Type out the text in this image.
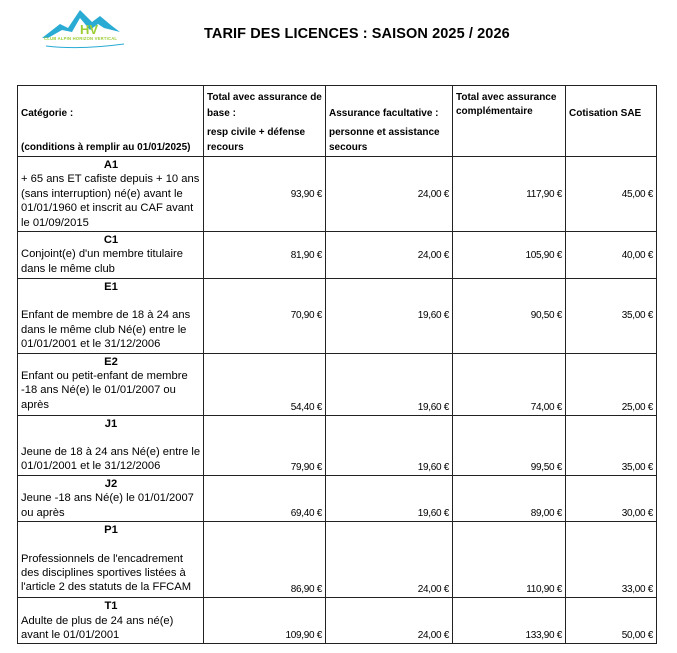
HV
CLUB ALPIN HORIZON VERTICAL	TARIF DES LICENCES : SAISON 2025 / 2026
Catégorie :
(conditions à remplir au 01/01/2025)	Total avec assurance de
base :
resp civile + défense
recours	Assurance facultative :
personne et assistance
secours	Total avec assurance
complémentaire	Cotisation SAE

A1
+ 65 ans ET cafiste depuis + 10 ans (sans interruption) né(e) avant le 01/01/1960 et inscrit au CAF avant le 01/09/2015	93,90 €	24,00 €	117,90 €	45,00 €

C1
Conjoint(e) d'un membre titulaire dans le même club	81,90 €	24,00 €	105,90 €	40,00 €

E1
Enfant de membre de 18 à 24 ans dans le même club Né(e) entre le 01/01/2001 et le 31/12/2006	70,90 €	19,60 €	90,50 €	35,00 €

E2
Enfant ou petit-enfant de membre -18 ans Né(e) le 01/01/2007 ou après	54,40 €	19,60 €	74,00 €	25,00 €

J1
Jeune de 18 à 24 ans Né(e) entre le 01/01/2001 et le 31/12/2006	79,90 €	19,60 €	99,50 €	35,00 €

J2
Jeune -18 ans Né(e) le 01/01/2007 ou après	69,40 €	19,60 €	89,00 €	30,00 €

P1
Professionnels de l'encadrement des disciplines sportives listées à l'article 2 des statuts de la FFCAM	86,90 €	24,00 €	110,90 €	33,00 €

T1
Adulte de plus de 24 ans né(e) avant le 01/01/2001	109,90 €	24,00 €	133,90 €	50,00 €
